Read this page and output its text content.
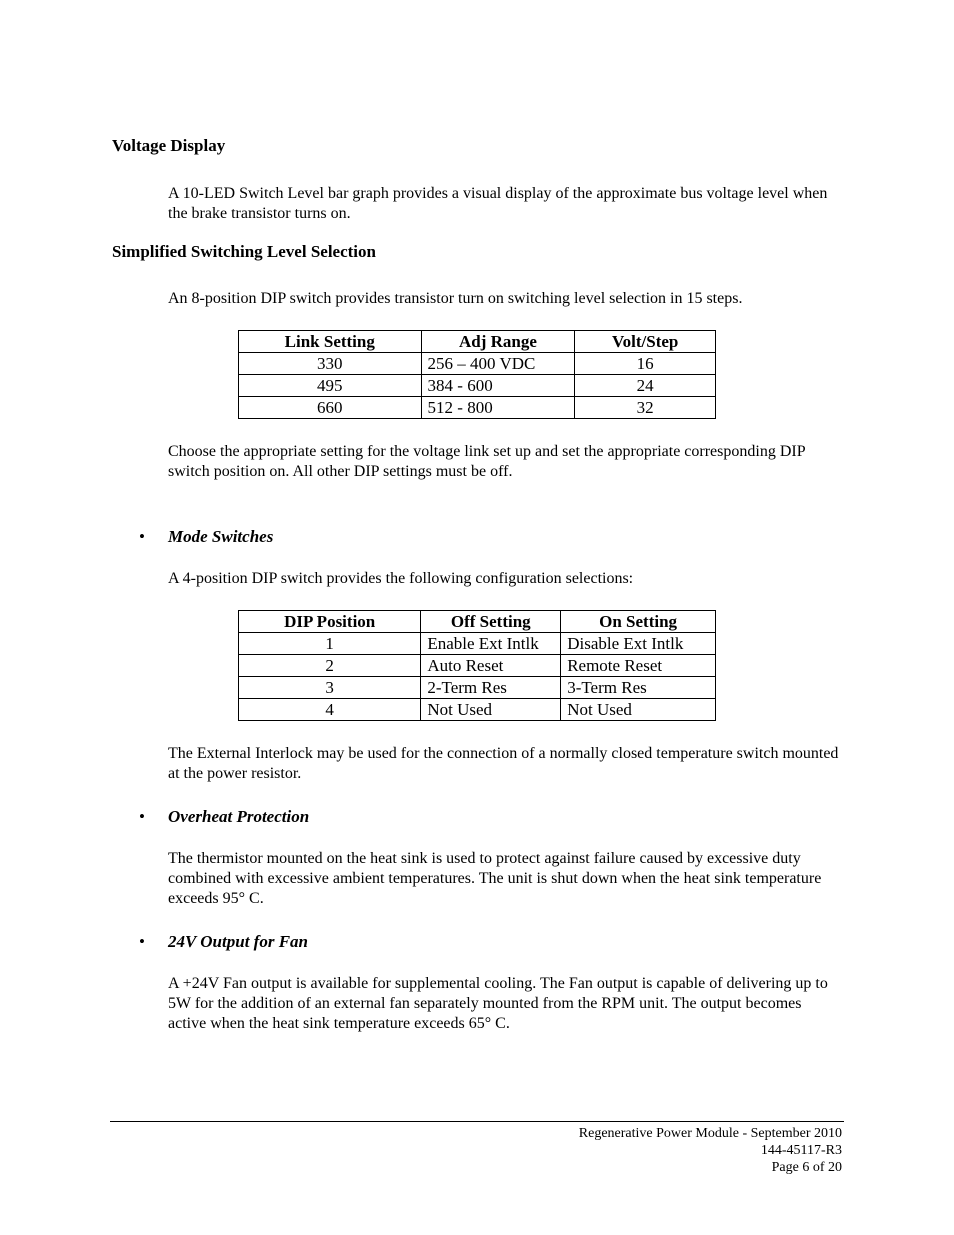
Voltage Display
A 10-LED Switch Level bar graph provides a visual display of the approximate bus voltage level when the brake transistor turns on.
Simplified Switching Level Selection
An 8-position DIP switch provides transistor turn on switching level selection in 15 steps.
Link Setting	Adj Range	Volt/Step
330	256 – 400 VDC	16
495	384 - 600	24
660	512 - 800	32
Choose the appropriate setting for the voltage link set up and set the appropriate corresponding DIP switch position on. All other DIP settings must be off.
• Mode Switches
A 4-position DIP switch provides the following configuration selections:
DIP Position	Off Setting	On Setting
1	Enable Ext Intlk	Disable Ext Intlk
2	Auto Reset	Remote Reset
3	2-Term Res	3-Term Res
4	Not Used	Not Used
The External Interlock may be used for the connection of a normally closed temperature switch mounted at the power resistor.
• Overheat Protection
The thermistor mounted on the heat sink is used to protect against failure caused by excessive duty combined with excessive ambient temperatures. The unit is shut down when the heat sink temperature exceeds 95° C.
• 24V Output for Fan
A +24V Fan output is available for supplemental cooling. The Fan output is capable of delivering up to 5W for the addition of an external fan separately mounted from the RPM unit. The output becomes active when the heat sink temperature exceeds 65° C.
Regenerative Power Module - September 2010
144-45117-R3
Page 6 of 20
